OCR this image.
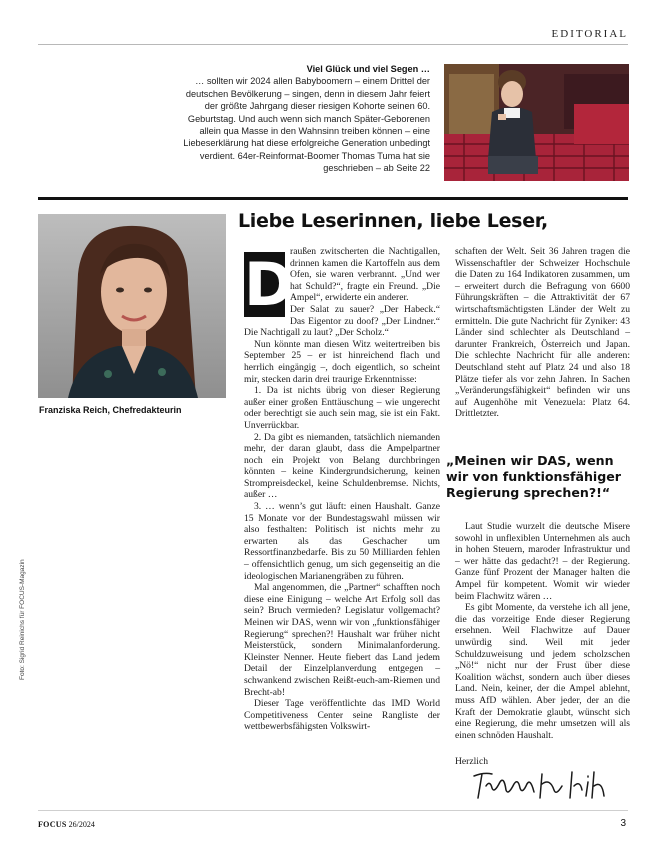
EDITORIAL
Viel Glück und viel Segen …
… sollten wir 2024 allen Babyboomern – einem Drittel der deutschen Bevölkerung – singen, denn in diesem Jahr feiert der größte Jahrgang dieser riesigen Kohorte seinen 60. Geburtstag. Und auch wenn sich manch Später-Geborenen allein qua Masse in den Wahnsinn treiben können – eine Liebeserklärung hat diese erfolgreiche Generation unbedingt verdient. 64er-Reinformat-Boomer Thomas Tuma hat sie geschrieben – ab Seite 22
Franziska Reich, Chefredakteurin
Foto: Sigrid Reinichs für FOCUS-Magazin
Liebe Leserinnen, liebe Leser,

D
raußen zwitscherten die Nachtigallen, drinnen kamen die Kartoffeln aus dem Ofen, sie waren verbrannt. „Und wer hat Schuld?“, fragte ein Freund. „Die Ampel“, erwiderte ein anderer.

Der Salat zu sauer? „Der Habeck.“ Das Eigentor zu doof? „Der Lindner.“ Die Nachtigall zu laut? „Der Scholz.“

Nun könnte man diesen Witz weitertreiben bis September 25 – er ist hinreichend flach und herrlich eingängig –, doch eigentlich, so scheint mir, stecken darin drei traurige Erkenntnisse:

1. Da ist nichts übrig von dieser Regierung außer einer großen Enttäuschung – wie ungerecht oder berechtigt sie auch sein mag, sie ist ein Fakt. Unverrückbar.

2. Da gibt es niemanden, tatsächlich niemanden mehr, der daran glaubt, dass die Ampelpartner noch ein Projekt von Belang durchbringen könnten – keine Kindergrundsicherung, keinen Strompreisdeckel, keine Schuldenbremse. Nichts, außer …

3. … wenn’s gut läuft: einen Haushalt. Ganze 15 Monate vor der Bundestagswahl müssen wir also festhalten: Politisch ist nichts mehr zu erwarten als das Geschacher um Ressortfinanzbedarfe. Bis zu 50 Milliarden fehlen – offensichtlich genug, um sich gegenseitig an die ideologischen Marianengräben zu führen.

Mal angenommen, die „Partner“ schafften noch diese eine Einigung – welche Art Erfolg soll das sein? Bruch vermieden? Legislatur vollgemacht? Meinen wir DAS, wenn wir von „funktionsfähiger Regierung“ sprechen?! Haushalt war früher nicht Meisterstück, sondern Minimalanforderung. Kleinster Nenner. Heute fiebert das Land jedem Detail der Einzelplanverdung entgegen – schwankend zwischen Reißt-euch-am-Riemen und Brecht-ab!

Dieser Tage veröffentlichte das IMD World Competitiveness Center seine Rangliste der wettbewerbsfähigsten Volkswirt-

schaften der Welt. Seit 36 Jahren tragen die Wissenschaftler der Schweizer Hochschule die Daten zu 164 Indikatoren zusammen, um – erweitert durch die Befragung von 6600 Führungskräften – die Attraktivität der 67 wirtschaftsmächtigsten Länder der Welt zu ermitteln. Die gute Nachricht für Zyniker: 43 Länder sind schlechter als Deutschland – darunter Frankreich, Österreich und Japan. Die schlechte Nachricht für alle anderen: Deutschland steht auf Platz 24 und also 18 Plätze tiefer als vor zehn Jahren. In Sachen „Veränderungsfähigkeit“ befinden wir uns auf Augenhöhe mit Venezuela: Platz 64. Drittletzter.

„Meinen wir DAS, wenn wir von funktionsfähiger Regierung sprechen?!“

Laut Studie wurzelt die deutsche Misere sowohl in unflexiblen Unternehmen als auch in hohen Steuern, maroder Infrastruktur und – wer hätte das gedacht?! – der Regierung. Ganze fünf Prozent der Manager halten die Ampel für kompetent. Womit wir wieder beim Flachwitz wären …

Es gibt Momente, da verstehe ich all jene, die das vorzeitige Ende dieser Regierung ersehnen. Weil Flachwitze auf Dauer unwürdig sind. Weil mit jeder Schuldzuweisung und jedem scholzschen „Nö!“ nicht nur der Frust über diese Koalition wächst, sondern auch über dieses Land. Nein, keiner, der die Ampel ablehnt, muss AfD wählen. Aber jeder, der an die Kraft der Demokratie glaubt, wünscht sich eine Regierung, die mehr umsetzen will als einen schnöden Haushalt.

Herzlich
FOCUS 26/2024	3
